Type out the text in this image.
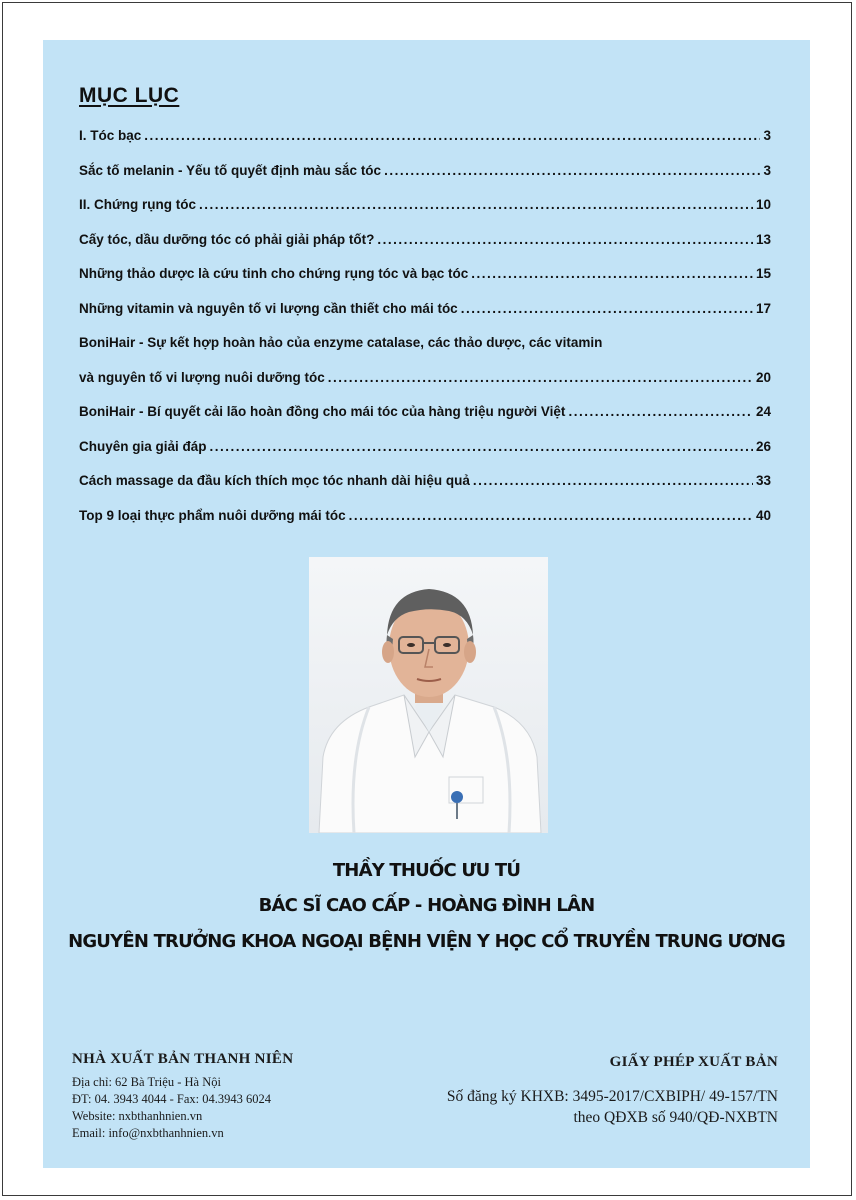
MỤC LỤC
I. Tóc bạc .....	3
Sắc tố melanin - Yếu tố quyết định màu sắc tóc .....	3
II. Chứng rụng tóc .....	10
Cấy tóc, dầu dưỡng tóc có phải giải pháp tốt? .....	13
Những thảo dược là cứu tinh cho chứng rụng tóc và bạc tóc .....	15
Những vitamin và nguyên tố vi lượng cần thiết cho mái tóc .....	17
BoniHair - Sự kết hợp hoàn hảo của enzyme catalase, các thảo dược, các vitamin
và nguyên tố vi lượng nuôi dưỡng tóc .....	20
BoniHair - Bí quyết cải lão hoàn đồng cho mái tóc của hàng triệu người Việt .....	24
Chuyên gia giải đáp .....	26
Cách massage da đầu kích thích mọc tóc nhanh dài hiệu quả .....	33
Top 9 loại thực phẩm nuôi dưỡng mái tóc .....	40

THẦY THUỐC ƯU TÚ

BÁC SĨ CAO CẤP - HOÀNG ĐÌNH LÂN

NGUYÊN TRƯỞNG KHOA NGOẠI BỆNH VIỆN Y HỌC CỔ TRUYỀN TRUNG ƯƠNG

NHÀ XUẤT BẢN THANH NIÊN

Địa chỉ: 62 Bà Triệu - Hà Nội

ĐT: 04. 3943 4044 - Fax: 04.3943 6024

Website: nxbthanhnien.vn

Email: info@nxbthanhnien.vn

GIẤY PHÉP XUẤT BẢN

Số đăng ký KHXB: 3495-2017/CXBIPH/ 49-157/TN

theo QĐXB số 940/QĐ-NXBTN
